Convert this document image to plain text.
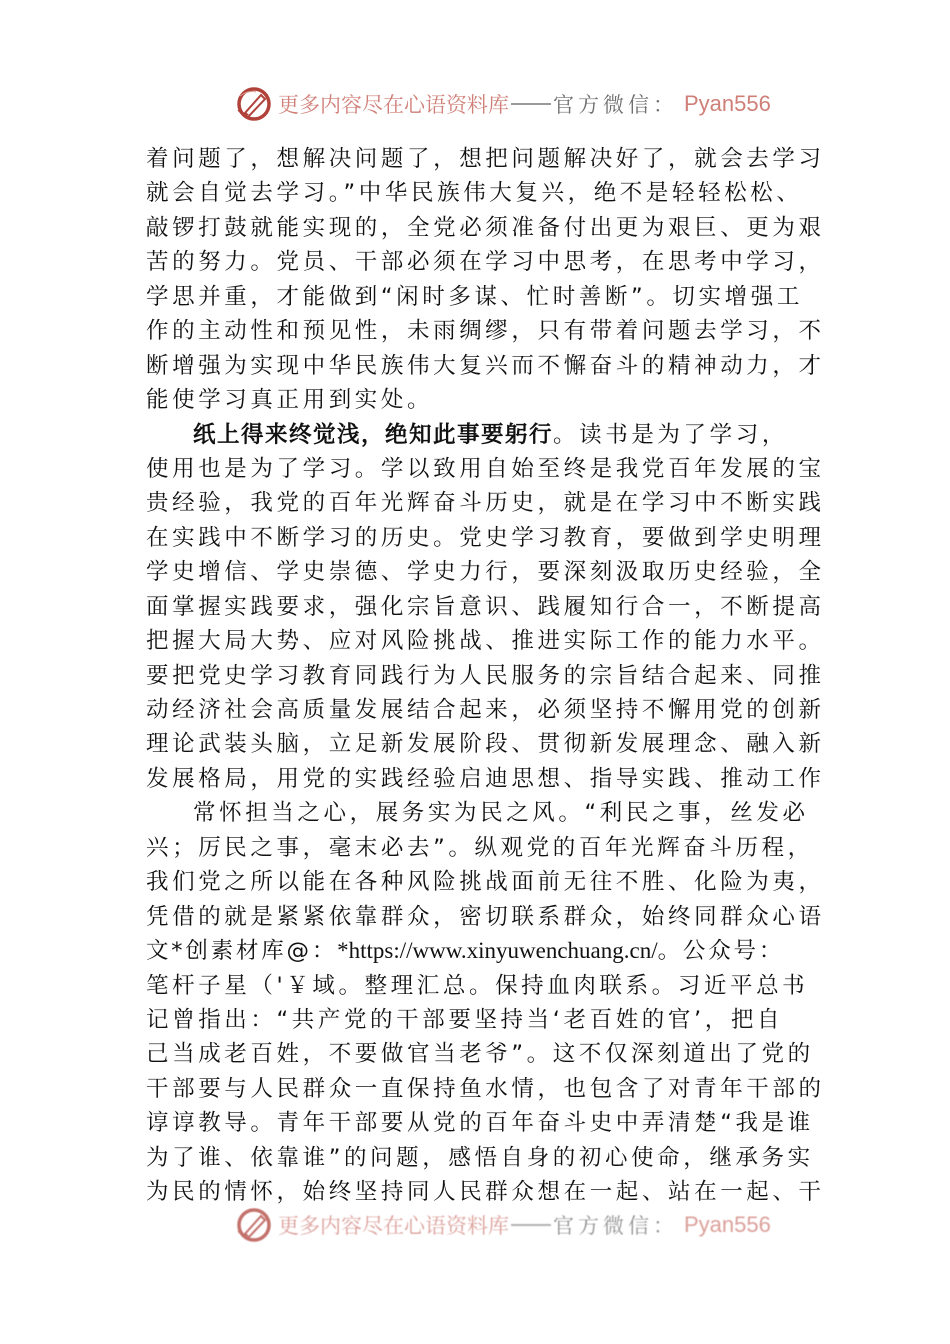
更多内容尽在心语资料库 官方微信： Pyan556
着问题了，想解决问题了，想把问题解决好了，就会去学习
就会自觉去学习。”中华民族伟大复兴，绝不是轻轻松松、
敲锣打鼓就能实现的，全党必须准备付出更为艰巨、更为艰
苦的努力。党员、干部必须在学习中思考，在思考中学习，
学思并重，才能做到“闲时多谋、忙时善断”。切实增强工
作的主动性和预见性，未雨绸缪，只有带着问题去学习，不
断增强为实现中华民族伟大复兴而不懈奋斗的精神动力，才
能使学习真正用到实处。
纸上得来终觉浅，绝知此事要躬行。读书是为了学习，
使用也是为了学习。学以致用自始至终是我党百年发展的宝
贵经验，我党的百年光辉奋斗历史，就是在学习中不断实践
在实践中不断学习的历史。党史学习教育，要做到学史明理
学史增信、学史崇德、学史力行，要深刻汲取历史经验，全
面掌握实践要求，强化宗旨意识、践履知行合一，不断提高
把握大局大势、应对风险挑战、推进实际工作的能力水平。
要把党史学习教育同践行为人民服务的宗旨结合起来、同推
动经济社会高质量发展结合起来，必须坚持不懈用党的创新
理论武装头脑，立足新发展阶段、贯彻新发展理念、融入新
发展格局，用党的实践经验启迪思想、指导实践、推动工作
常怀担当之心，展务实为民之风。“利民之事，丝发必
兴；厉民之事，毫末必去”。纵观党的百年光辉奋斗历程，
我们党之所以能在各种风险挑战面前无往不胜、化险为夷，
凭借的就是紧紧依靠群众，密切联系群众，始终同群众心语
文*创素材库@：*https://www.xinyuwenchuang.cn/。公众号：
笔杆子星（'￥域。整理汇总。保持血肉联系。习近平总书
记曾指出：“共产党的干部要坚持当‘老百姓的官’，把自
己当成老百姓，不要做官当老爷”。这不仅深刻道出了党的
干部要与人民群众一直保持鱼水情，也包含了对青年干部的
谆谆教导。青年干部要从党的百年奋斗史中弄清楚“我是谁
为了谁、依靠谁”的问题，感悟自身的初心使命，继承务实
为民的情怀，始终坚持同人民群众想在一起、站在一起、干
更多内容尽在心语资料库 官方微信： Pyan556
